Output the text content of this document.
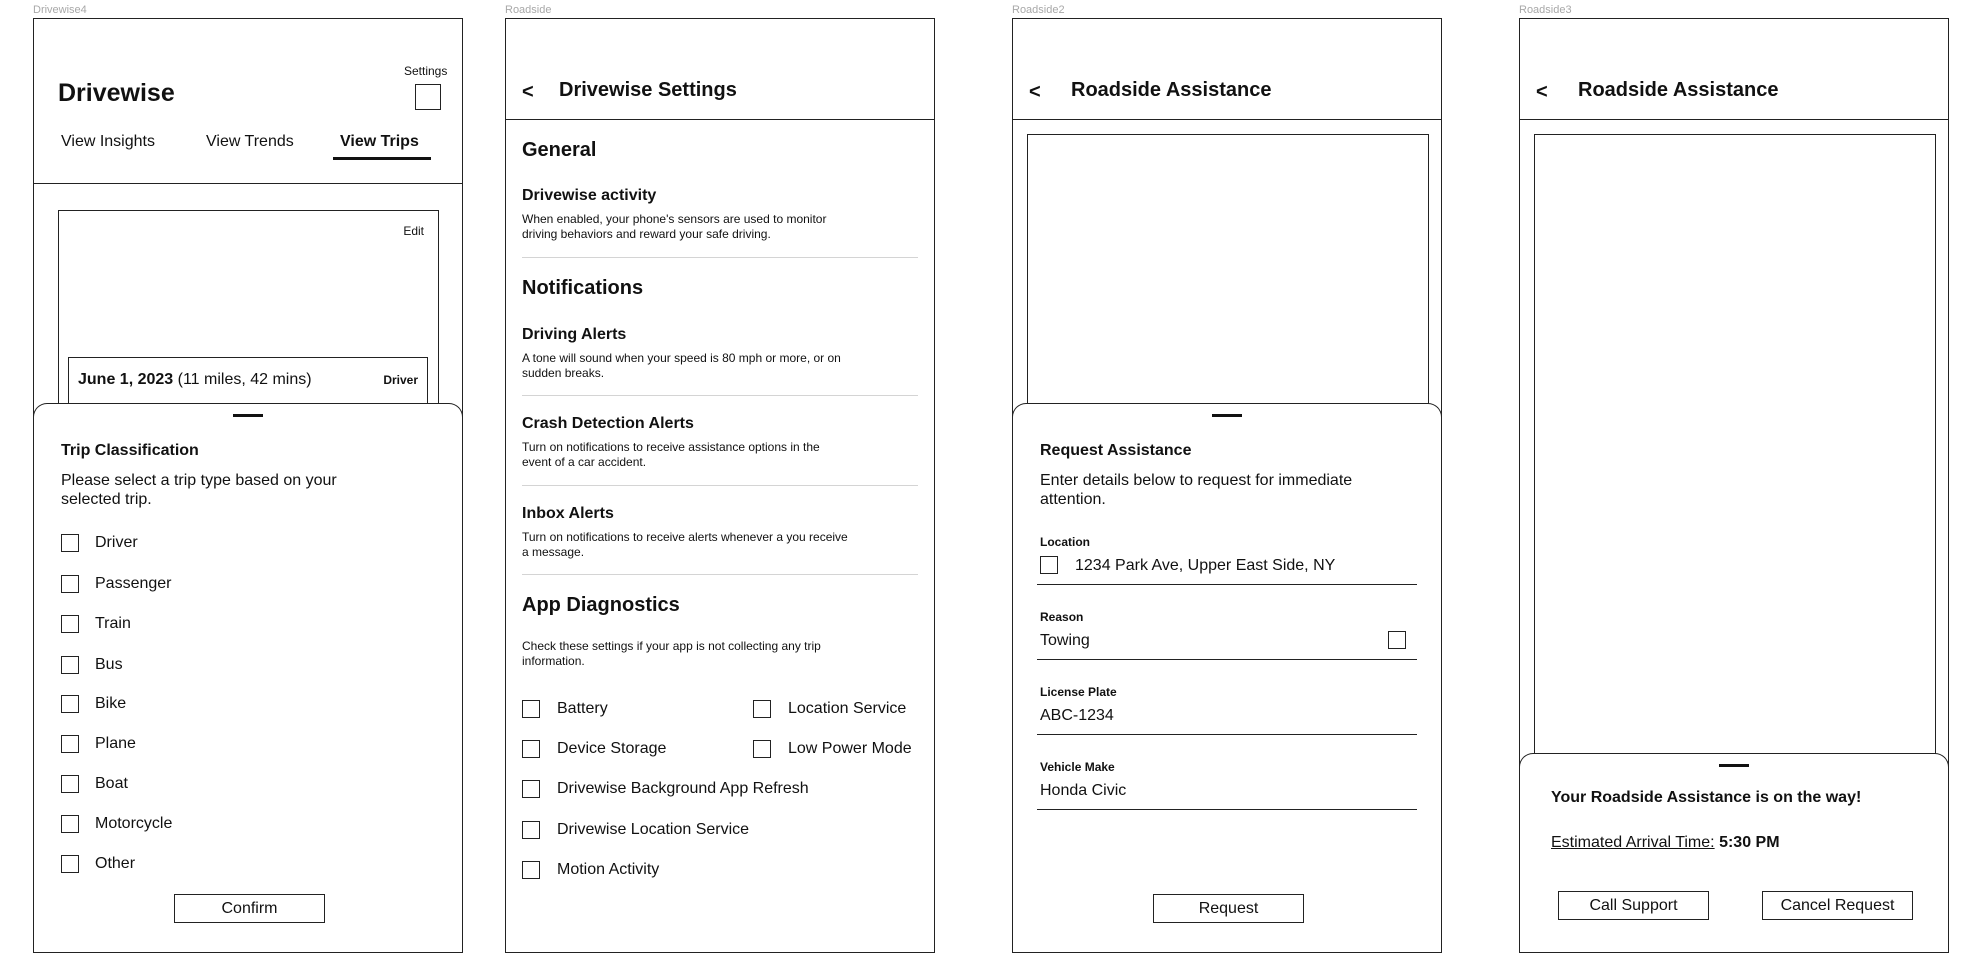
Drivewise4	Roadside	Roadside2	Roadside3
Settings
Drivewise
View Insights	View Trends	View Trips
Edit
June 1, 2023 (11 miles, 42 mins)	Driver
Trip Classification
Please select a trip type based on your selected trip.
Driver
Passenger
Train
Bus
Bike
Plane
Boat
Motorcycle
Other
Confirm
< Drivewise Settings
General
Drivewise activity
When enabled, your phone's sensors are used to monitor driving behaviors and reward your safe driving.
Notifications
Driving Alerts
A tone will sound when your speed is 80 mph or more, or on sudden breaks.
Crash Detection Alerts
Turn on notifications to receive assistance options in the event of a car accident.
Inbox Alerts
Turn on notifications to receive alerts whenever a you receive a message.
App Diagnostics
Check these settings if your app is not collecting any trip information.
Battery	Location Service
Device Storage	Low Power Mode
Drivewise Background App Refresh
Drivewise Location Service
Motion Activity
< Roadside Assistance
Request Assistance
Enter details below to request for immediate attention.
Location
1234 Park Ave, Upper East Side, NY
Reason
Towing
License Plate
ABC-1234
Vehicle Make
Honda Civic
Request
< Roadside Assistance
Your Roadside Assistance is on the way!
Estimated Arrival Time: 5:30 PM
Call Support	Cancel Request
